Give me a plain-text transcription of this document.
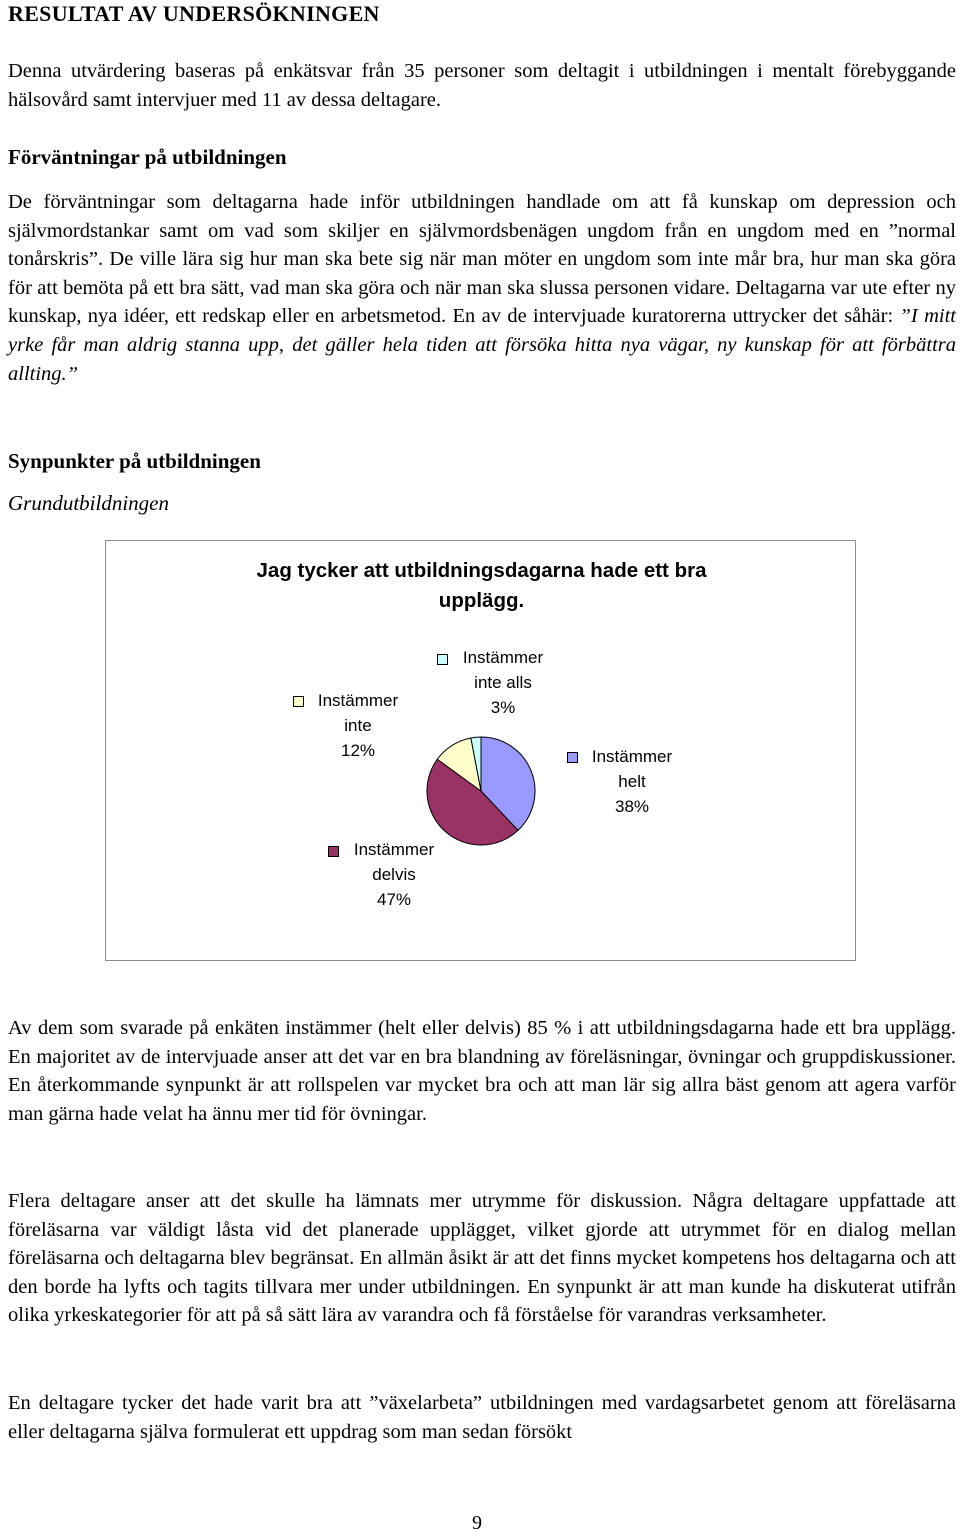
RESULTAT AV UNDERSÖKNINGEN

Denna utvärdering baseras på enkätsvar från 35 personer som deltagit i utbildningen i mentalt förebyggande hälsovård samt intervjuer med 11 av dessa deltagare.

Förväntningar på utbildningen

De förväntningar som deltagarna hade inför utbildningen handlade om att få kunskap om depression och självmordstankar samt om vad som skiljer en självmordsbenägen ungdom från en ungdom med en ”normal tonårskris”. De ville lära sig hur man ska bete sig när man möter en ungdom som inte mår bra, hur man ska göra för att bemöta på ett bra sätt, vad man ska göra och när man ska slussa personen vidare. Deltagarna var ute efter ny kunskap, nya idéer, ett redskap eller en arbetsmetod. En av de intervjuade kuratorerna uttrycker det såhär: ”I mitt yrke får man aldrig stanna upp, det gäller hela tiden att försöka hitta nya vägar, ny kunskap för att förbättra allting.”

Synpunkter på utbildningen
Grundutbildningen
Jag tycker att utbildningsdagarna hade ett bra
upplägg.
Instämmer
helt
38%
Instämmer
delvis
47%
Instämmer
inte
12%
Instämmer
inte alls
3%

Av dem som svarade på enkäten instämmer (helt eller delvis) 85 % i att utbildningsdagarna hade ett bra upplägg. En majoritet av de intervjuade anser att det var en bra blandning av föreläsningar, övningar och gruppdiskussioner. En återkommande synpunkt är att rollspelen var mycket bra och att man lär sig allra bäst genom att agera varför man gärna hade velat ha ännu mer tid för övningar.

Flera deltagare anser att det skulle ha lämnats mer utrymme för diskussion. Några deltagare uppfattade att föreläsarna var väldigt låsta vid det planerade upplägget, vilket gjorde att utrymmet för en dialog mellan föreläsarna och deltagarna blev begränsat. En allmän åsikt är att det finns mycket kompetens hos deltagarna och att den borde ha lyfts och tagits tillvara mer under utbildningen. En synpunkt är att man kunde ha diskuterat utifrån olika yrkeskategorier för att på så sätt lära av varandra och få förståelse för varandras verksamheter.

En deltagare tycker det hade varit bra att ”växelarbeta” utbildningen med vardagsarbetet genom att föreläsarna eller deltagarna själva formulerat ett uppdrag som man sedan försökt

9
